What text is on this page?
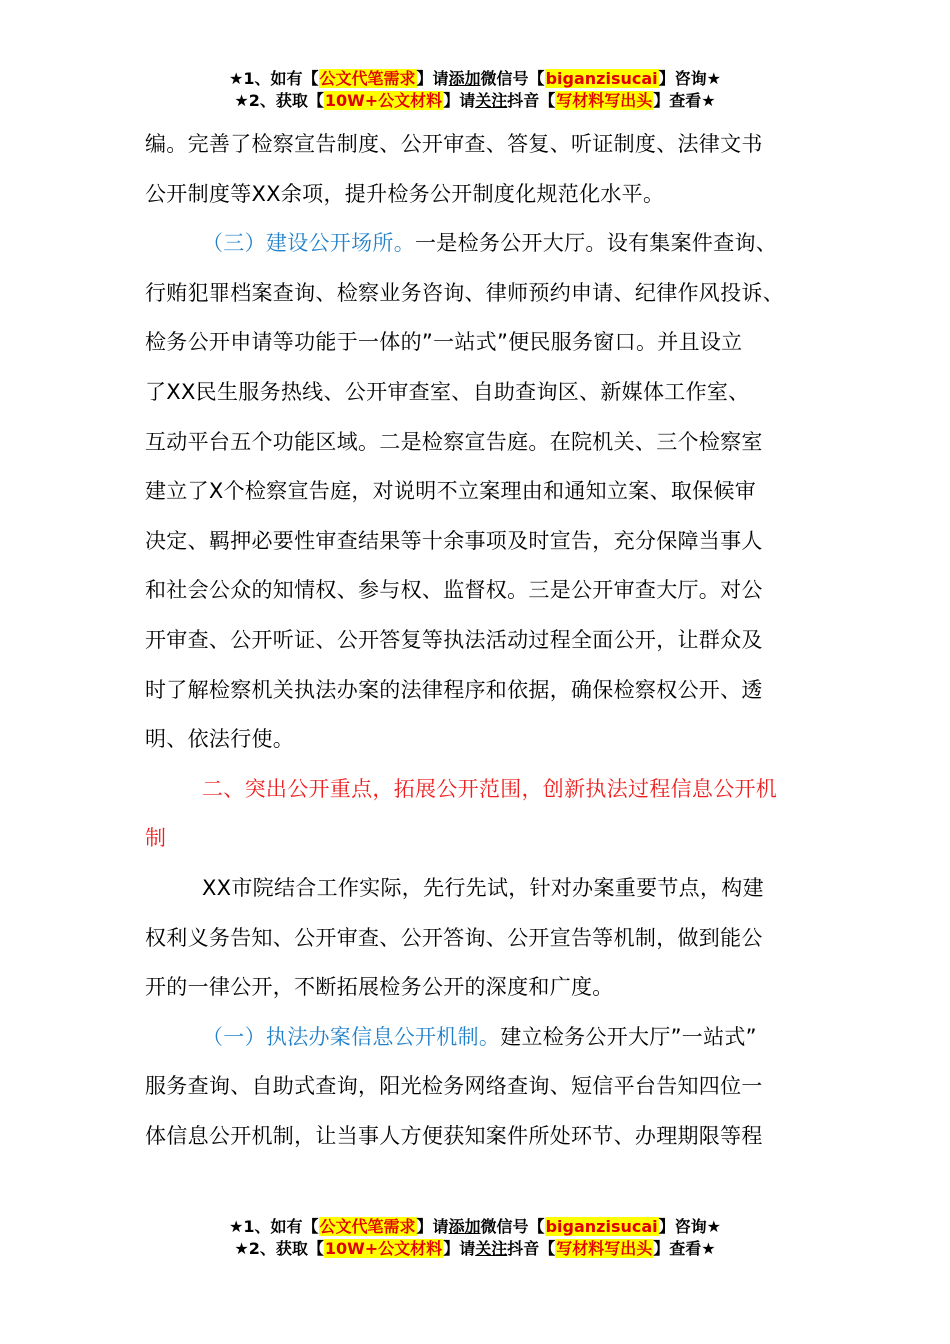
★1、如有【公文代笔需求】请添加微信号【biganzisucai】咨询★
★2、获取【10W+公文材料】请关注抖音【写材料写出头】查看★
编。完善了检察宣告制度、公开审查、答复、听证制度、法律文书
公开制度等XX余项，提升检务公开制度化规范化水平。
（三）建设公开场所。一是检务公开大厅。设有集案件查询、
行贿犯罪档案查询、检察业务咨询、律师预约申请、纪律作风投诉、
检务公开申请等功能于一体的”一站式”便民服务窗口。并且设立
了XX民生服务热线、公开审查室、自助查询区、新媒体工作室、
互动平台五个功能区域。二是检察宣告庭。在院机关、三个检察室
建立了X个检察宣告庭，对说明不立案理由和通知立案、取保候审
决定、羁押必要性审查结果等十余事项及时宣告，充分保障当事人
和社会公众的知情权、参与权、监督权。三是公开审查大厅。对公
开审查、公开听证、公开答复等执法活动过程全面公开，让群众及
时了解检察机关执法办案的法律程序和依据，确保检察权公开、透
明、依法行使。
二、突出公开重点，拓展公开范围，创新执法过程信息公开机
制
XX市院结合工作实际，先行先试，针对办案重要节点，构建
权利义务告知、公开审查、公开答询、公开宣告等机制，做到能公
开的一律公开，不断拓展检务公开的深度和广度。
（一）执法办案信息公开机制。建立检务公开大厅”一站式”
服务查询、自助式查询，阳光检务网络查询、短信平台告知四位一
体信息公开机制，让当事人方便获知案件所处环节、办理期限等程
★1、如有【公文代笔需求】请添加微信号【biganzisucai】咨询★
★2、获取【10W+公文材料】请关注抖音【写材料写出头】查看★
